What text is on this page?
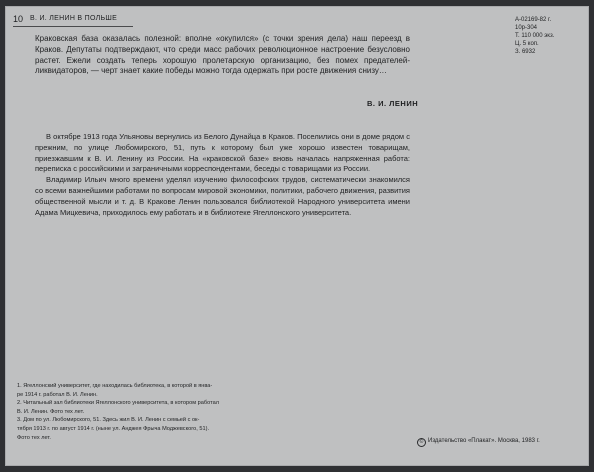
10 В. И. ЛЕНИН В ПОЛЬШЕ	А-02169-82 г.
10р-304
Т. 110 000 экз.
Ц. 5 коп.
З. 6932
Краковская база оказалась полезной: вполне «окупился» (с точки зрения дела) наш переезд в Краков. Депутаты подтверждают, что среди масс рабочих революционное настроение безусловно растет. Ежели создать теперь хорошую пролетарскую организацию, без помех предателей-ликвидаторов, — черт знает какие победы можно тогда одержать при росте движения снизу…
В. И. ЛЕНИН

В октябре 1913 года Ульяновы вернулись из Белого Дунайца в Краков. Поселились они в доме рядом с прежним, по улице Любомирского, 51, путь к которому был уже хорошо известен товарищам, приезжавшим к В. И. Ленину из России. На «краковской базе» вновь началась напряженная работа: переписка с российскими и заграничными корреспондентами, беседы с товарищами из России.

Владимир Ильич много времени уделял изучению философских трудов, систематически знакомился со всеми важнейшими работами по вопросам мировой экономики, политики, рабочего движения, развития общественной мысли и т. д. В Кракове Ленин пользовался библиотекой Народного университета имени Адама Мицкевича, приходилось ему работать и в библиотеке Ягеллонского университета.

1. Ягеллонский университет, где находилась библиотека, в которой в янва-
ре 1914 г. работал В. И. Ленин.
2. Читальный зал библиотеки Ягеллонского университета, в котором работал
В. И. Ленин. Фото тех лет.
3. Дом по ул. Любомирского, 51. Здесь жил В. И. Ленин с семьей с ок-
тября 1913 г. по август 1914 г. (ныне ул. Анджея Фрыча Моджевского, 51).
Фото тех лет.
© Издательство «Плакат». Москва, 1983 г.
